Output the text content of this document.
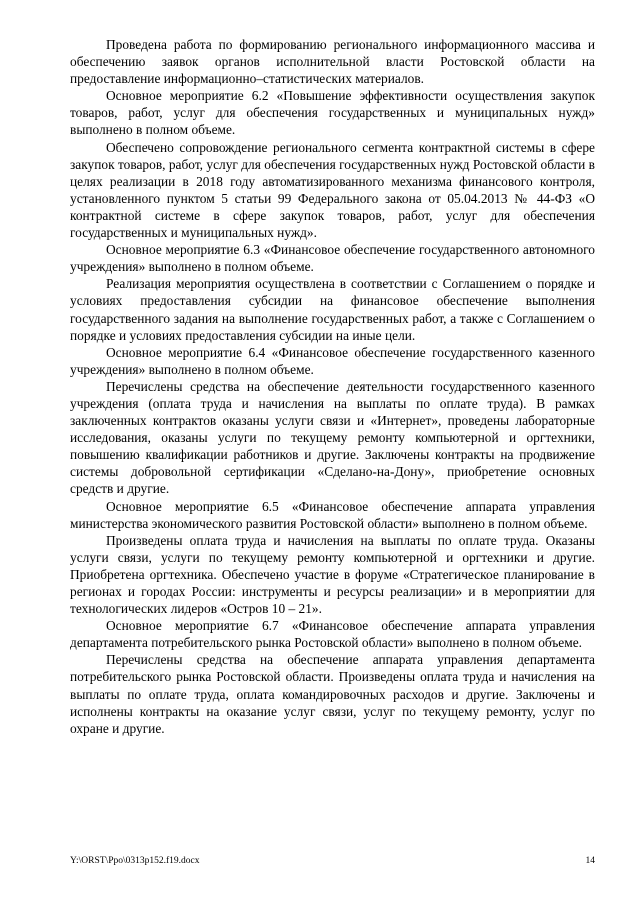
Проведена работа по формированию регионального информационного массива и обеспечению заявок органов исполнительной власти Ростовской области на предоставление информационно–статистических материалов.

Основное мероприятие 6.2 «Повышение эффективности осуществления закупок товаров, работ, услуг для обеспечения государственных и муниципальных нужд» выполнено в полном объеме.

Обеспечено сопровождение регионального сегмента контрактной системы в сфере закупок товаров, работ, услуг для обеспечения государственных нужд Ростовской области в целях реализации в 2018 году автоматизированного механизма финансового контроля, установленного пунктом 5 статьи 99 Федерального закона от 05.04.2013 № 44-ФЗ «О контрактной системе в сфере закупок товаров, работ, услуг для обеспечения государственных и муниципальных нужд».

Основное мероприятие 6.3 «Финансовое обеспечение государственного автономного учреждения» выполнено в полном объеме.

Реализация мероприятия осуществлена в соответствии с Соглашением о порядке и условиях предоставления субсидии на финансовое обеспечение выполнения государственного задания на выполнение государственных работ, а также с Соглашением о порядке и условиях предоставления субсидии на иные цели.

Основное мероприятие 6.4 «Финансовое обеспечение государственного казенного учреждения» выполнено в полном объеме.

Перечислены средства на обеспечение деятельности государственного казенного учреждения (оплата труда и начисления на выплаты по оплате труда). В рамках заключенных контрактов оказаны услуги связи и «Интернет», проведены лабораторные исследования, оказаны услуги по текущему ремонту компьютерной и оргтехники, повышению квалификации работников и другие. Заключены контракты на продвижение системы добровольной сертификации «Сделано-на-Дону», приобретение основных средств и другие.

Основное мероприятие 6.5 «Финансовое обеспечение аппарата управления министерства экономического развития Ростовской области» выполнено в полном объеме.

Произведены оплата труда и начисления на выплаты по оплате труда. Оказаны услуги связи, услуги по текущему ремонту компьютерной и оргтехники и другие. Приобретена оргтехника. Обеспечено участие в форуме «Стратегическое планирование в регионах и городах России: инструменты и ресурсы реализации» и в мероприятии для технологических лидеров «Остров 10 – 21».

Основное мероприятие 6.7 «Финансовое обеспечение аппарата управления департамента потребительского рынка Ростовской области» выполнено в полном объеме.

Перечислены средства на обеспечение аппарата управления департамента потребительского рынка Ростовской области. Произведены оплата труда и начисления на выплаты по оплате труда, оплата командировочных расходов и другие. Заключены и исполнены контракты на оказание услуг связи, услуг по текущему ремонту, услуг по охране и другие.

Y:\ORST\Ppo\0313p152.f19.docx	14
